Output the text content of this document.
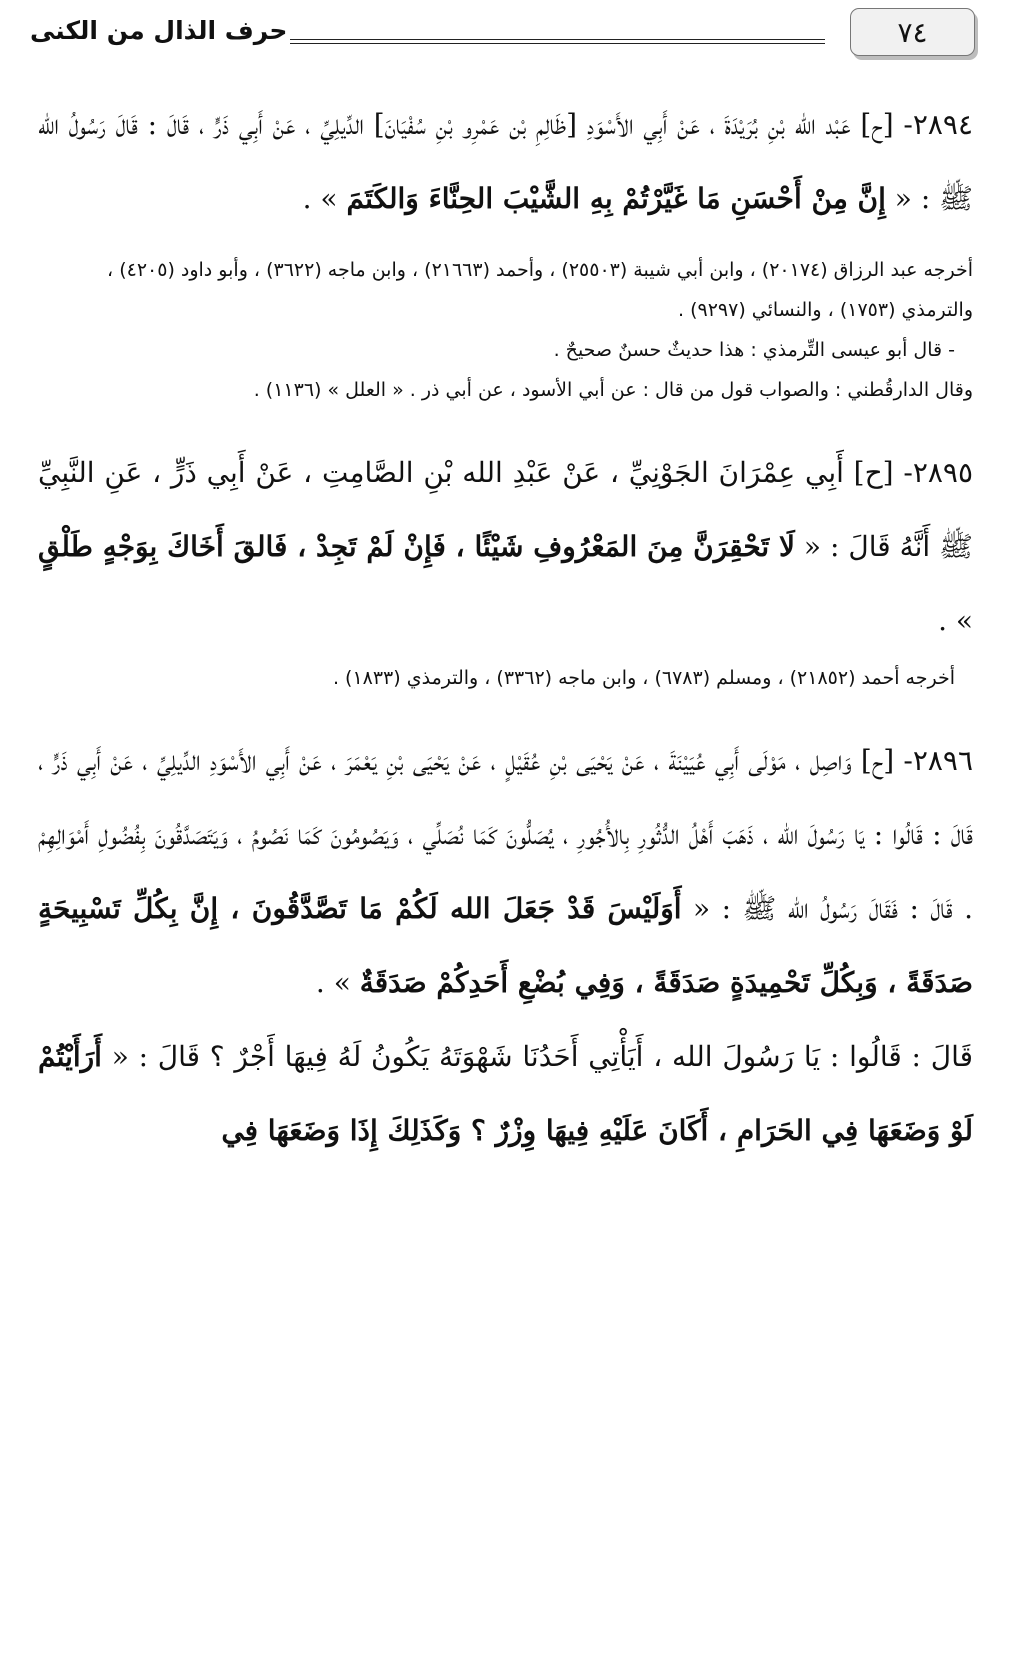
٧٤
حرف الذال من الكنى

٢٨٩٤- [ح] عَبْد الله بْنِ بُرَيْدَةَ ، عَنْ أَبِي الأَسْوَدِ [ظَالِمِ بْن عَمْرِو بْنِ سُفْيَانَ] الدِّيلِيِّ ، عَنْ أَبِي ذَرٍّ ، قَالَ : قَالَ رَسُولُ الله ﷺ : « إِنَّ مِنْ أَحْسَنِ مَا غَيَّرْتُمْ بِهِ الشَّيْبَ الحِنَّاءَ وَالكَتَمَ » .

أخرجه عبد الرزاق (٢٠١٧٤) ، وابن أبي شيبة (٢٥٥٠٣) ، وأحمد (٢١٦٦٣) ، وابن ماجه (٣٦٢٢) ، وأبو داود (٤٢٠٥) ، والترمذي (١٧٥٣) ، والنسائي (٩٢٩٧) .

- قال أبو عيسى التِّرمذي : هذا حديثٌ حسنٌ صحيحٌ .

وقال الدارقُطني : والصواب قول من قال : عن أبي الأسود ، عن أبي ذر . « العلل » (١١٣٦) .

٢٨٩٥- [ح] أَبِي عِمْرَانَ الجَوْنِيِّ ، عَنْ عَبْدِ الله بْنِ الصَّامِتِ ، عَنْ أَبِي ذَرٍّ ، عَنِ النَّبِيِّ ﷺ أَنَّهُ قَالَ : « لَا تَحْقِرَنَّ مِنَ المَعْرُوفِ شَيْئًا ، فَإِنْ لَمْ تَجِدْ ، فَالقَ أَخَاكَ بِوَجْهٍ طَلْقٍ » .

أخرجه أحمد (٢١٨٥٢) ، ومسلم (٦٧٨٣) ، وابن ماجه (٣٣٦٢) ، والترمذي (١٨٣٣) .

٢٨٩٦- [ح] وَاصِل ، مَوْلَى أَبِي عُيَيْنَةَ ، عَنْ يَحْيَى بْنِ عُقَيْلٍ ، عَنْ يَحْيَى بْنِ يَعْمَرَ ، عَنْ أَبِي الأَسْوَدِ الدِّيلِيِّ ، عَنْ أَبِي ذَرٍّ ، قَالَ : قَالُوا : يَا رَسُولَ الله ، ذَهَبَ أَهْلُ الدُّثُورِ بِالأُجُورِ ، يُصَلُّونَ كَمَا نُصَلِّي ، وَيَصُومُونَ كَمَا نَصُومُ ، وَيَتَصَدَّقُونَ بِفُضُولِ أَمْوَالِهِمْ . قَالَ : فَقَالَ رَسُولُ الله ﷺ : « أَوَلَيْسَ قَدْ جَعَلَ الله لَكُمْ مَا تَصَّدَّقُونَ ، إِنَّ بِكُلِّ تَسْبِيحَةٍ صَدَقَةً ، وَبِكُلِّ تَحْمِيدَةٍ صَدَقَةً ، وَفِي بُضْعِ أَحَدِكُمْ صَدَقَةٌ » .

قَالَ : قَالُوا : يَا رَسُولَ الله ، أَيَأْتِي أَحَدُنَا شَهْوَتَهُ يَكُونُ لَهُ فِيهَا أَجْرٌ ؟ قَالَ : « أَرَأَيْتُمْ لَوْ وَضَعَهَا فِي الحَرَامِ ، أَكَانَ عَلَيْهِ فِيهَا وِزْرٌ ؟ وَكَذَلِكَ إِذَا وَضَعَهَا فِي
